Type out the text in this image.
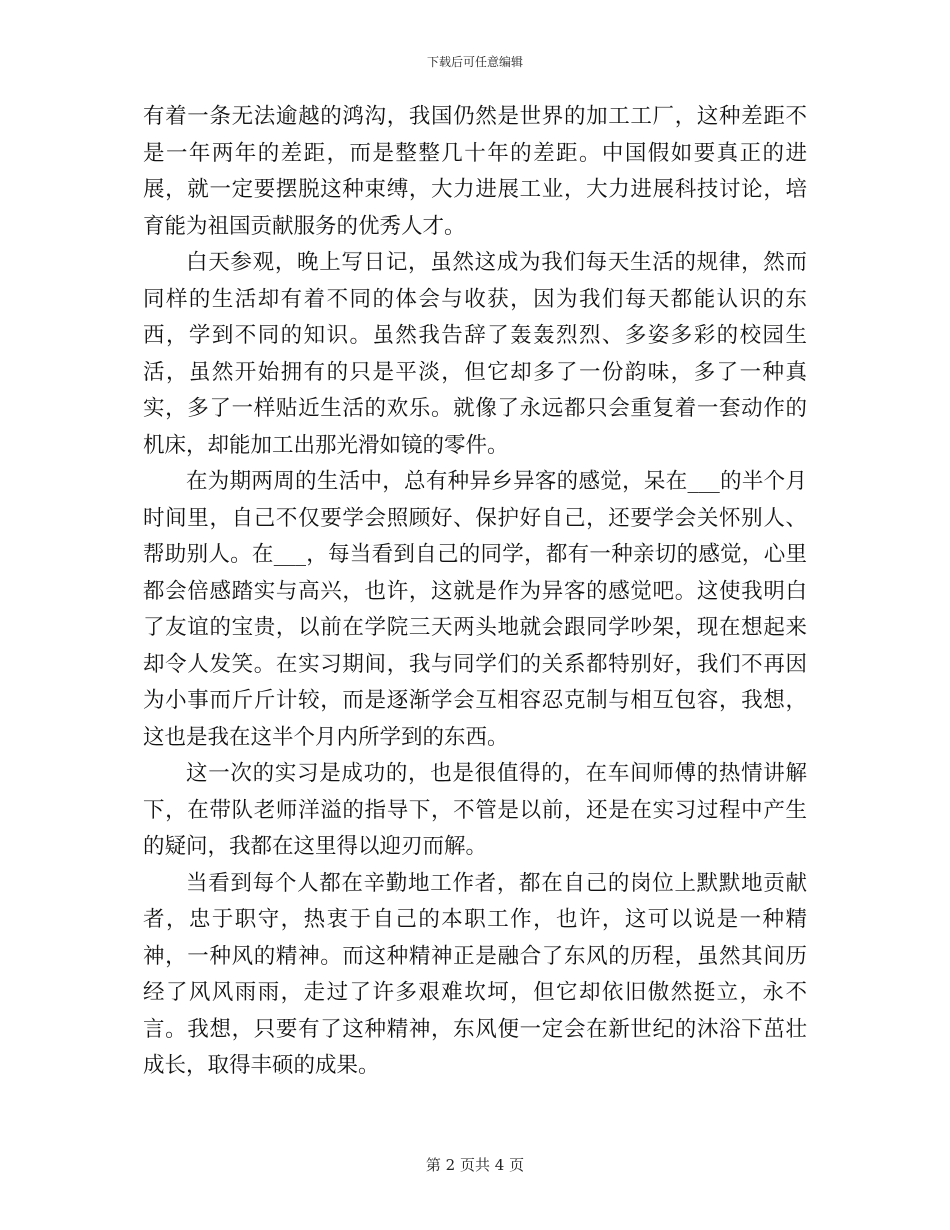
下载后可任意编辑

有着一条无法逾越的鸿沟，我国仍然是世界的加工工厂，这种差距不是一年两年的差距，而是整整几十年的差距。中国假如要真正的进展，就一定要摆脱这种束缚，大力进展工业，大力进展科技讨论，培育能为祖国贡献服务的优秀人才。

白天参观，晚上写日记，虽然这成为我们每天生活的规律，然而同样的生活却有着不同的体会与收获，因为我们每天都能认识的东西，学到不同的知识。虽然我告辞了轰轰烈烈、多姿多彩的校园生活，虽然开始拥有的只是平淡，但它却多了一份韵味，多了一种真实，多了一样贴近生活的欢乐。就像了永远都只会重复着一套动作的机床，却能加工出那光滑如镜的零件。

在为期两周的生活中，总有种异乡异客的感觉，呆在___的半个月时间里，自己不仅要学会照顾好、保护好自己，还要学会关怀别人、帮助别人。在___，每当看到自己的同学，都有一种亲切的感觉，心里都会倍感踏实与高兴，也许，这就是作为异客的感觉吧。这使我明白了友谊的宝贵，以前在学院三天两头地就会跟同学吵架，现在想起来却令人发笑。在实习期间，我与同学们的关系都特别好，我们不再因为小事而斤斤计较，而是逐渐学会互相容忍克制与相互包容，我想，这也是我在这半个月内所学到的东西。

这一次的实习是成功的，也是很值得的，在车间师傅的热情讲解下，在带队老师洋溢的指导下，不管是以前，还是在实习过程中产生的疑问，我都在这里得以迎刃而解。

当看到每个人都在辛勤地工作者，都在自己的岗位上默默地贡献者，忠于职守，热衷于自己的本职工作，也许，这可以说是一种精神，一种风的精神。而这种精神正是融合了东风的历程，虽然其间历经了风风雨雨，走过了许多艰难坎坷，但它却依旧傲然挺立，永不言。我想，只要有了这种精神，东风便一定会在新世纪的沐浴下茁壮成长，取得丰硕的成果。

第 2 页共 4 页
